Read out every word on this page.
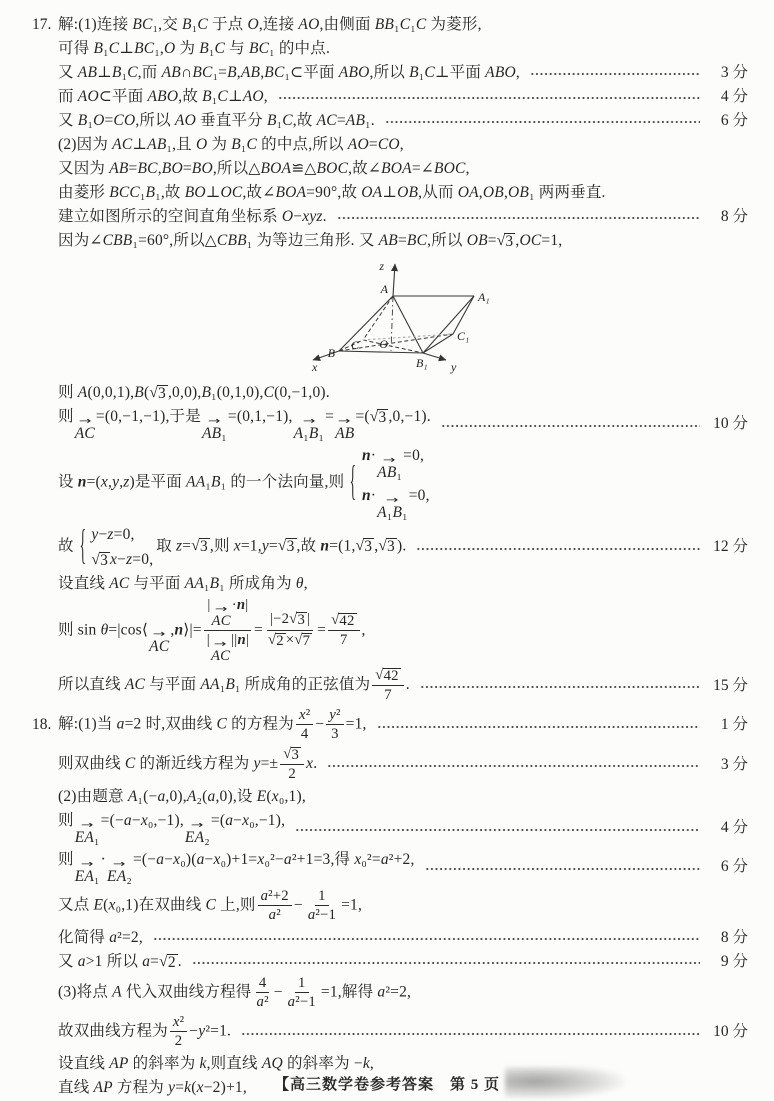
17. 解:(1)连接 BC₁,交 B₁C 于点 O,连接 AO,由侧面 BB₁C₁C 为菱形,
可得 B₁C⊥BC₁,O 为 B₁C 与 BC₁ 的中点.
又 AB⊥B₁C,而 AB∩BC₁=B,AB,BC₁⊂平面 ABO,所以 B₁C⊥平面 ABO,	3 分
而 AO⊂平面 ABO,故 B₁C⊥AO,	4 分
又 B₁O=CO,所以 AO 垂直平分 B₁C,故 AC=AB₁.	6 分
(2)因为 AC⊥AB₁,且 O 为 B₁C 的中点,所以 AO=CO,
又因为 AB=BC,BO=BO,所以△BOA≌△BOC,故∠BOA=∠BOC,
由菱形 BCC₁B₁,故 BO⊥OC,故∠BOA=90°,故 OA⊥OB,从而 OA,OB,OB₁ 两两垂直.
建立如图所示的空间直角坐标系 O−xyz.	8 分
因为∠CBB₁=60°,所以△CBB₁ 为等边三角形. 又 AB=BC,所以 OB= √ 3 ,OC=1,
z
A
A₁
B
C O
B₁
C₁
x	y
则 A(0,0,1),B( √ 3 ,0,0),B₁(0,1,0),C(0,−1,0).
则 →
AC
=(0,−1,−1),于是 →
AB₁
=(0,1,−1), →
A₁B₁
= →
AB
=( √ 3 ,0,−1).	10 分
设 n=(x,y,z)是平面 AA₁B₁ 的一个法向量,则 {
n· →
AB₁
=0,
n· →
A₁B₁
=0,
故 { y−z=0,
√ 3 x−z=0,
取 z= √ 3 ,则 x=1,y= √ 3 ,故 n=(1, √ 3 , √ 3 ).	12 分
设直线 AC 与平面 AA₁B₁ 所成角为 θ,
则 sin θ=|cos⟨ →
AC
,n⟩|= | →
AC
·n|
| →
AC
$||n| = \frac{|-2 √ 3 |}{√ 2 \times √ 7} = \frac{√ 42}{7}$ ,
所以直线 AC 与平面 AA₁B₁ 所成角的正弦值为 $\frac{√ 42}{7}$ .	15 分
18. 解:(1)当 a=2 时,双曲线 C 的方程为 $\frac{\text{x²}}{4} - \frac{\text{y²}}{3} =1$,	1 分
则双曲线 C 的渐近线方程为 $y=\pm \frac{√ 3}{2} x$.	3 分
(2)由题意 A₁(−a,0),A₂(a,0),设 E(x₀,1),
则 →
EA₁
=(−a−x₀,−1), →
EA₂
=(a−x₀,−1),	4 分
则 →
EA₁
· →
EA₂
=(−a−x₀)(a−x₀)+1=x₀²−a²+1=3,得 x₀²=a²+2,	6 分
又点 E(x₀,1)在双曲线 C 上,则 $\frac{\text{a²+2}}{\text{a²}} - \frac{1}{\text{a²−1}} =1$,
化简得 a²=2,	8 分
又 a>1 所以 a= √ 2 .	9 分
(3)将点 A 代入双曲线方程得 $\frac{4}{\text{a²}} - \frac{1}{\text{a²−1}} =1$,解得 a²=2,
故双曲线方程为 $\frac{\text{x²}}{2} -y^2=1$.	10 分
设直线 AP 的斜率为 k,则直线 AQ 的斜率为 −k,
直线 AP 方程为 y=k(x−2)+1,	【高三数学卷参考答案　第 5 页
